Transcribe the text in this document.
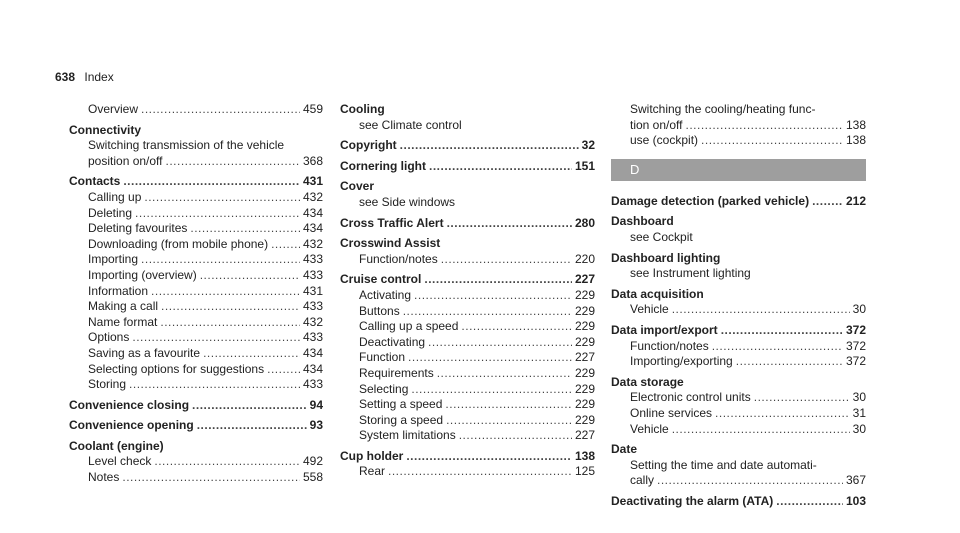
638 Index
Overview .....	459
Connectivity
Switching transmission of the vehicle
position on/off .....	368
Contacts .....	431
Calling up .....	432
Deleting .....	434
Deleting favourites .....	434
Downloading (from mobile phone) .....	432
Importing .....	433
Importing (overview) .....	433
Information .....	431
Making a call .....	433
Name format .....	432
Options .....	433
Saving as a favourite .....	434
Selecting options for suggestions .....	434
Storing .....	433
Convenience closing .....	94
Convenience opening .....	93
Coolant (engine)
Level check .....	492
Notes .....	558
Cooling
see Climate control
Copyright .....	32
Cornering light .....	151
Cover
see Side windows
Cross Traffic Alert .....	280
Crosswind Assist
Function/notes .....	220
Cruise control .....	227
Activating .....	229
Buttons .....	229
Calling up a speed .....	229
Deactivating .....	229
Function .....	227
Requirements .....	229
Selecting .....	229
Setting a speed .....	229
Storing a speed .....	229
System limitations .....	227
Cup holder .....	138
Rear .....	125
Switching the cooling/heating func-
tion on/off .....	138
use (cockpit) .....	138
D
Damage detection (parked vehicle) .....	212
Dashboard
see Cockpit
Dashboard lighting
see Instrument lighting
Data acquisition
Vehicle .....	30
Data import/export .....	372
Function/notes .....	372
Importing/exporting .....	372
Data storage
Electronic control units .....	30
Online services .....	31
Vehicle .....	30
Date
Setting the time and date automati-
cally .....	367
Deactivating the alarm (ATA) .....	103
